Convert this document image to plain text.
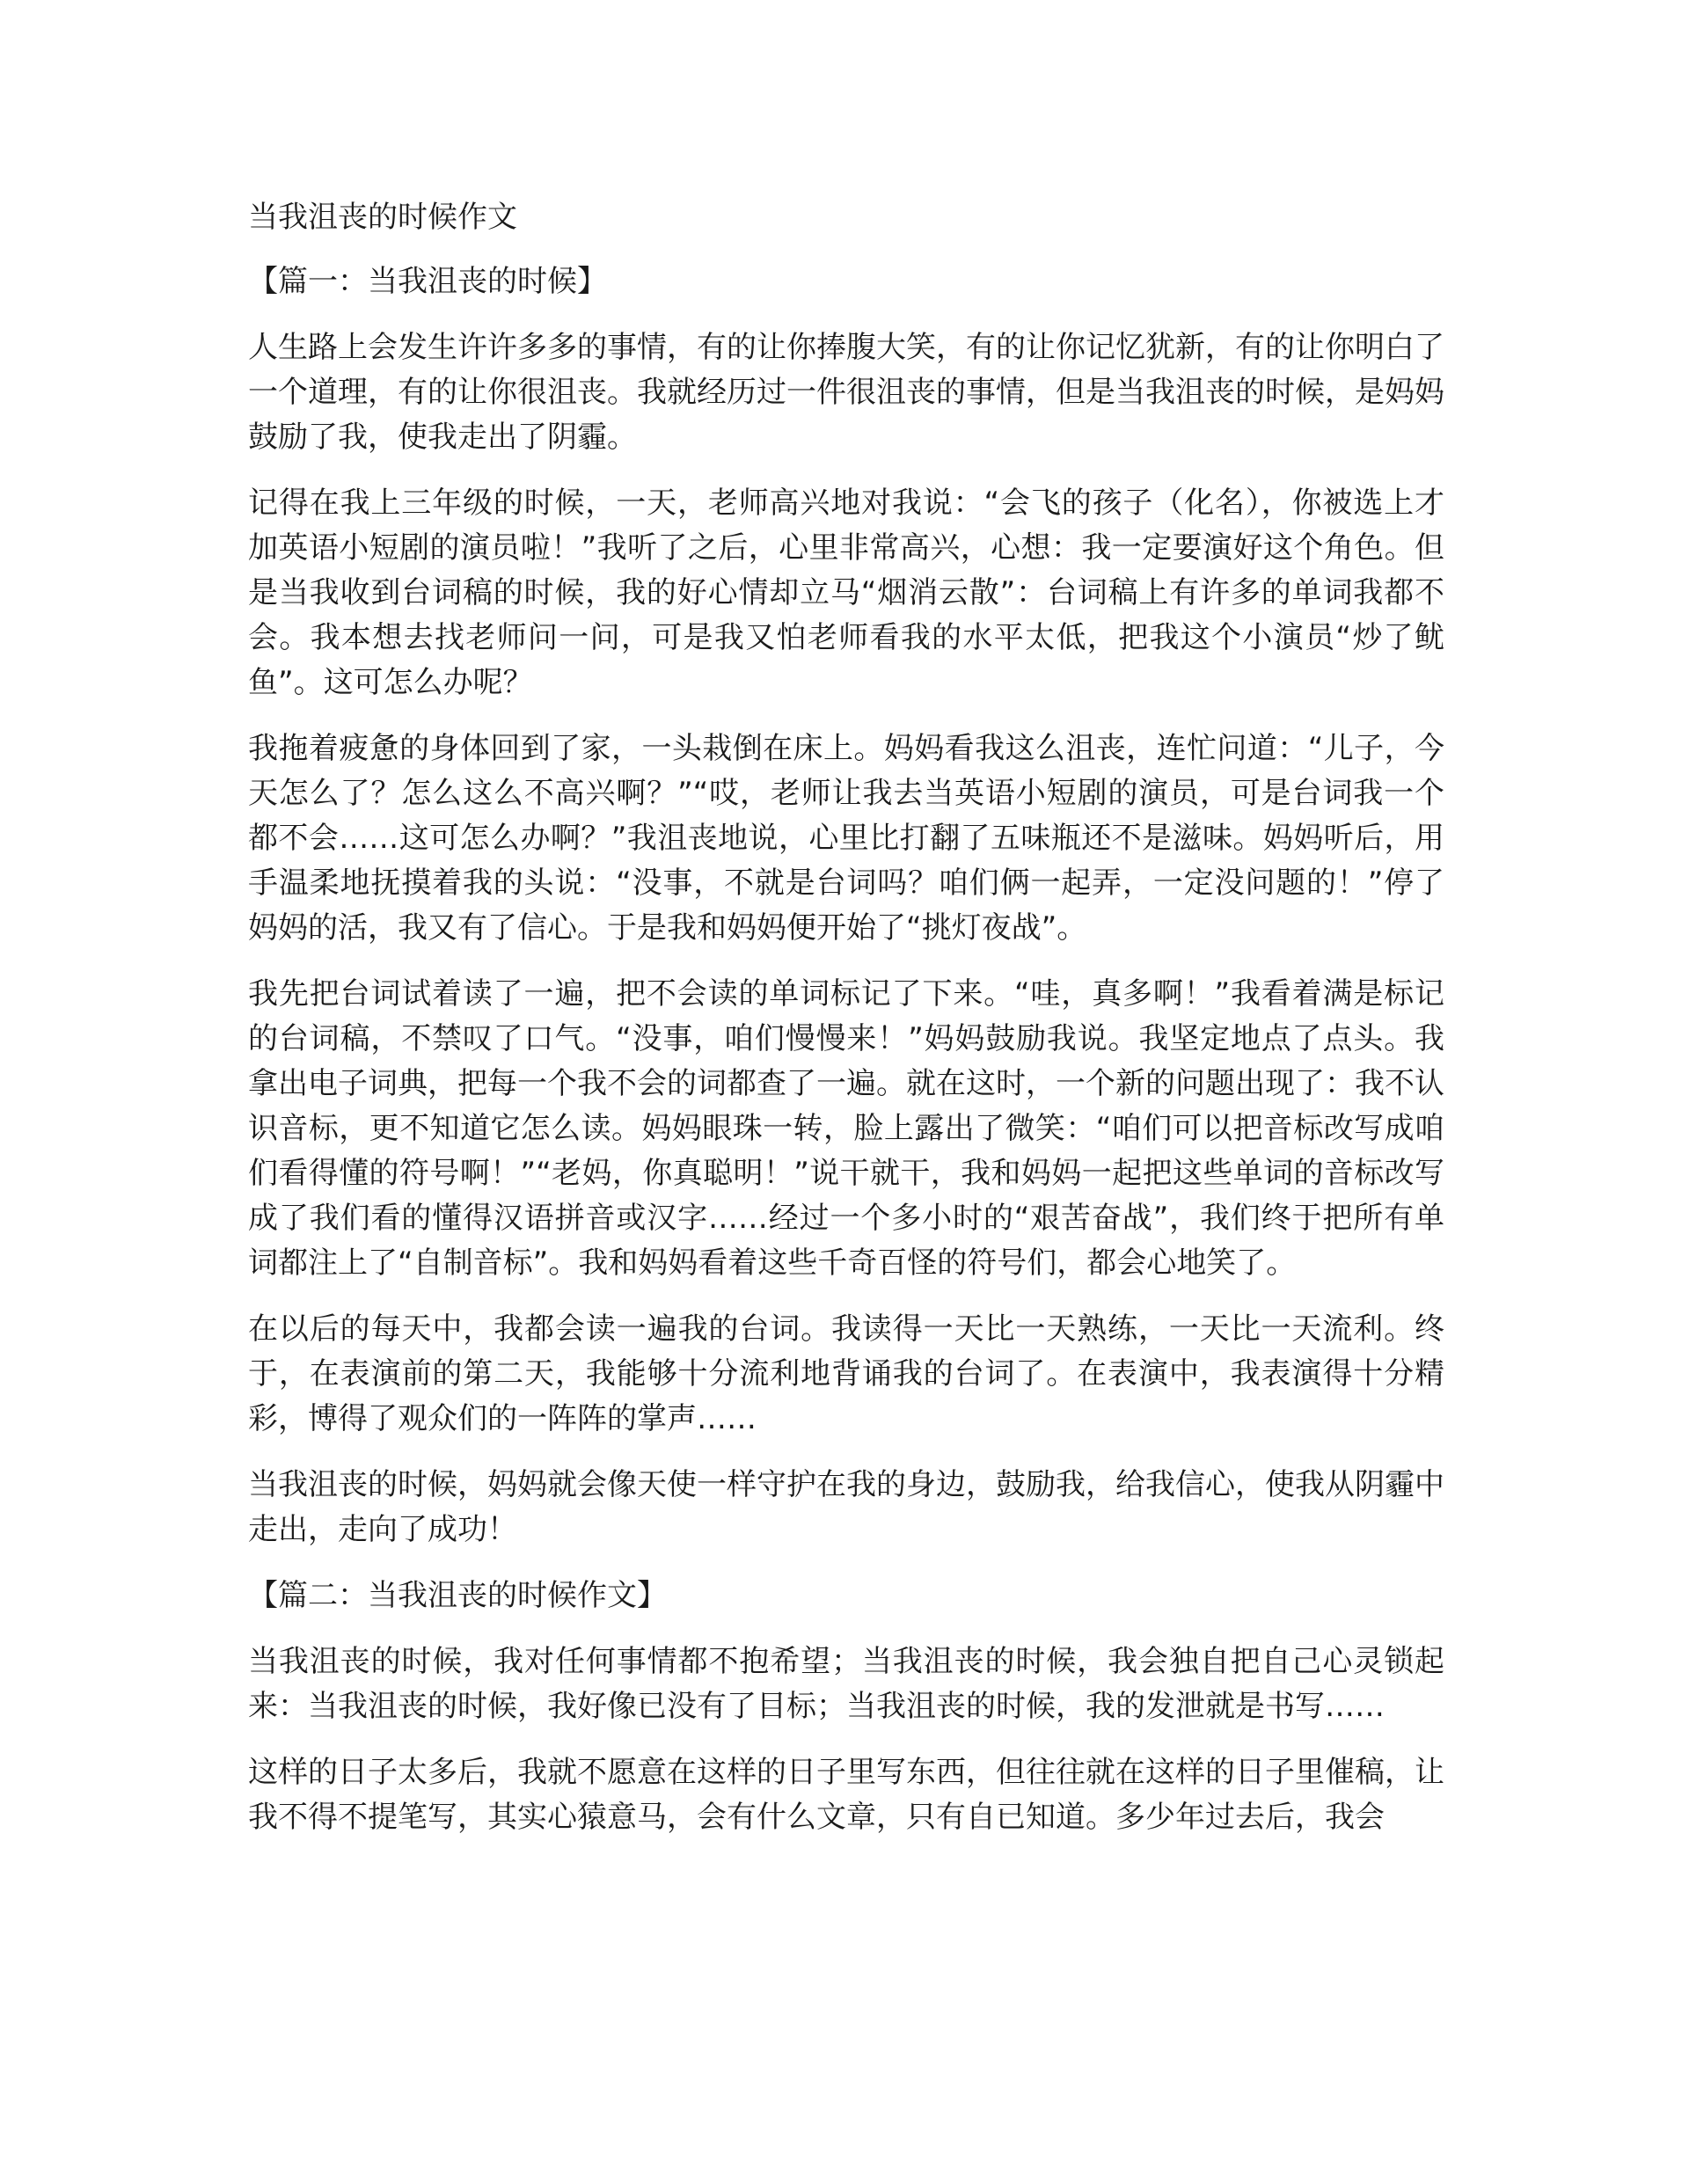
当我沮丧的时候作文
【篇一：当我沮丧的时候】

人生路上会发生许许多多的事情，有的让你捧腹大笑，有的让你记忆犹新，有的让你明白了一个道理，有的让你很沮丧。我就经历过一件很沮丧的事情，但是当我沮丧的时候，是妈妈鼓励了我，使我走出了阴霾。

记得在我上三年级的时候，一天，老师高兴地对我说：“会飞的孩子（化名），你被选上才加英语小短剧的演员啦！”我听了之后，心里非常高兴，心想：我一定要演好这个角色。但是当我收到台词稿的时候，我的好心情却立马“烟消云散”：台词稿上有许多的单词我都不会。我本想去找老师问一问，可是我又怕老师看我的水平太低，把我这个小演员“炒了鱿鱼”。这可怎么办呢？

我拖着疲惫的身体回到了家，一头栽倒在床上。妈妈看我这么沮丧，连忙问道：“儿子，今天怎么了？怎么这么不高兴啊？”“哎，老师让我去当英语小短剧的演员，可是台词我一个都不会……这可怎么办啊？”我沮丧地说，心里比打翻了五味瓶还不是滋味。妈妈听后，用手温柔地抚摸着我的头说：“没事，不就是台词吗？咱们俩一起弄，一定没问题的！”停了妈妈的活，我又有了信心。于是我和妈妈便开始了“挑灯夜战”。

我先把台词试着读了一遍，把不会读的单词标记了下来。“哇，真多啊！”我看着满是标记的台词稿，不禁叹了口气。“没事，咱们慢慢来！”妈妈鼓励我说。我坚定地点了点头。我拿出电子词典，把每一个我不会的词都查了一遍。就在这时，一个新的问题出现了：我不认识音标，更不知道它怎么读。妈妈眼珠一转，脸上露出了微笑：“咱们可以把音标改写成咱们看得懂的符号啊！”“老妈，你真聪明！”说干就干，我和妈妈一起把这些单词的音标改写成了我们看的懂得汉语拼音或汉字……经过一个多小时的“艰苦奋战”，我们终于把所有单词都注上了“自制音标”。我和妈妈看着这些千奇百怪的符号们，都会心地笑了。

在以后的每天中，我都会读一遍我的台词。我读得一天比一天熟练，一天比一天流利。终于，在表演前的第二天，我能够十分流利地背诵我的台词了。在表演中，我表演得十分精彩，博得了观众们的一阵阵的掌声……

当我沮丧的时候，妈妈就会像天使一样守护在我的身边，鼓励我，给我信心，使我从阴霾中走出，走向了成功！

【篇二：当我沮丧的时候作文】

当我沮丧的时候，我对任何事情都不抱希望；当我沮丧的时候，我会独自把自己心灵锁起来：当我沮丧的时候，我好像已没有了目标；当我沮丧的时候，我的发泄就是书写……

这样的日子太多后，我就不愿意在这样的日子里写东西，但往往就在这样的日子里催稿，让我不得不提笔写，其实心猿意马，会有什么文章，只有自已知道。多少年过去后，我会
